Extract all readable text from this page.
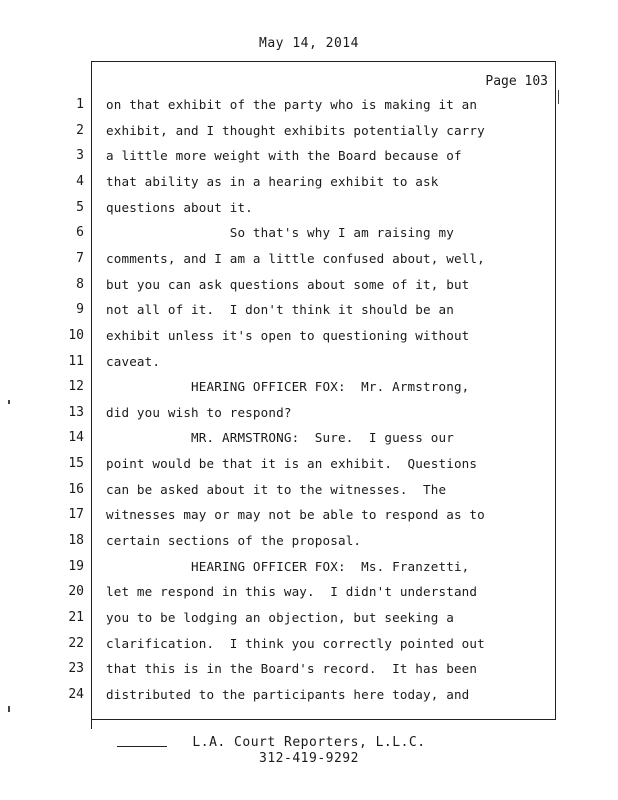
May 14, 2014
Page 103
1 on that exhibit of the party who is making it an
2 exhibit, and I thought exhibits potentially carry
3 a little more weight with the Board because of
4 that ability as in a hearing exhibit to ask
5 questions about it.
6 So that's why I am raising my
7 comments, and I am a little confused about, well,
8 but you can ask questions about some of it, but
9 not all of it.  I don't think it should be an
10 exhibit unless it's open to questioning without
11 caveat.
12 HEARING OFFICER FOX:  Mr. Armstrong,
13 did you wish to respond?
14 MR. ARMSTRONG:  Sure.  I guess our
15 point would be that it is an exhibit.  Questions
16 can be asked about it to the witnesses.  The
17 witnesses may or may not be able to respond as to
18 certain sections of the proposal.
19 HEARING OFFICER FOX:  Ms. Franzetti,
20 let me respond in this way.  I didn't understand
21 you to be lodging an objection, but seeking a
22 clarification.  I think you correctly pointed out
23 that this is in the Board's record.  It has been
24 distributed to the participants here today, and
L.A. Court Reporters, L.L.C.
312-419-9292
